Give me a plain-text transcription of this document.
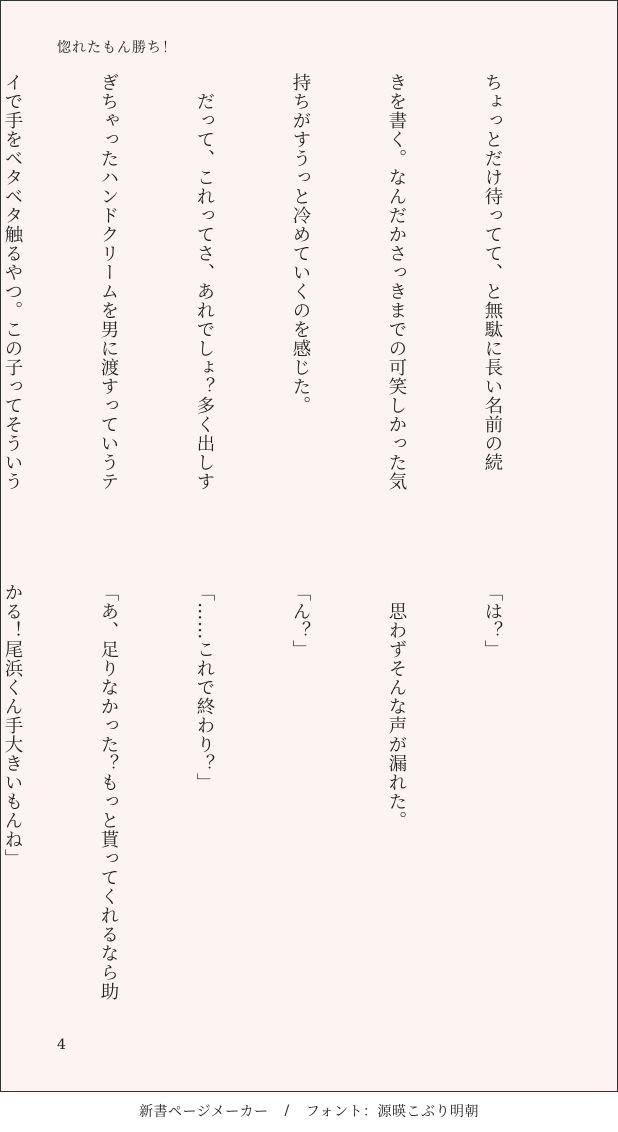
惚れたもん勝ち！

ちょっとだけ待ってて、と無駄に長い名前の続

きを書く。なんだかさっきまでの可笑しかった気

持ちがすうっと冷めていくのを感じた。

　だって、これってさ、あれでしょ？多く出しす

ぎちゃったハンドクリームを男に渡すっていうテ

イで手をベタベタ触るやつ。この子ってそういう

「は？」

　思わずそんな声が漏れた。

「ん？」

「……これで終わり？」

「あ、足りなかった？もっと貰ってくれるなら助

かる！尾浜くん手大きいもんね」

4
新書ページメーカー / フォント：源暎こぶり明朝
